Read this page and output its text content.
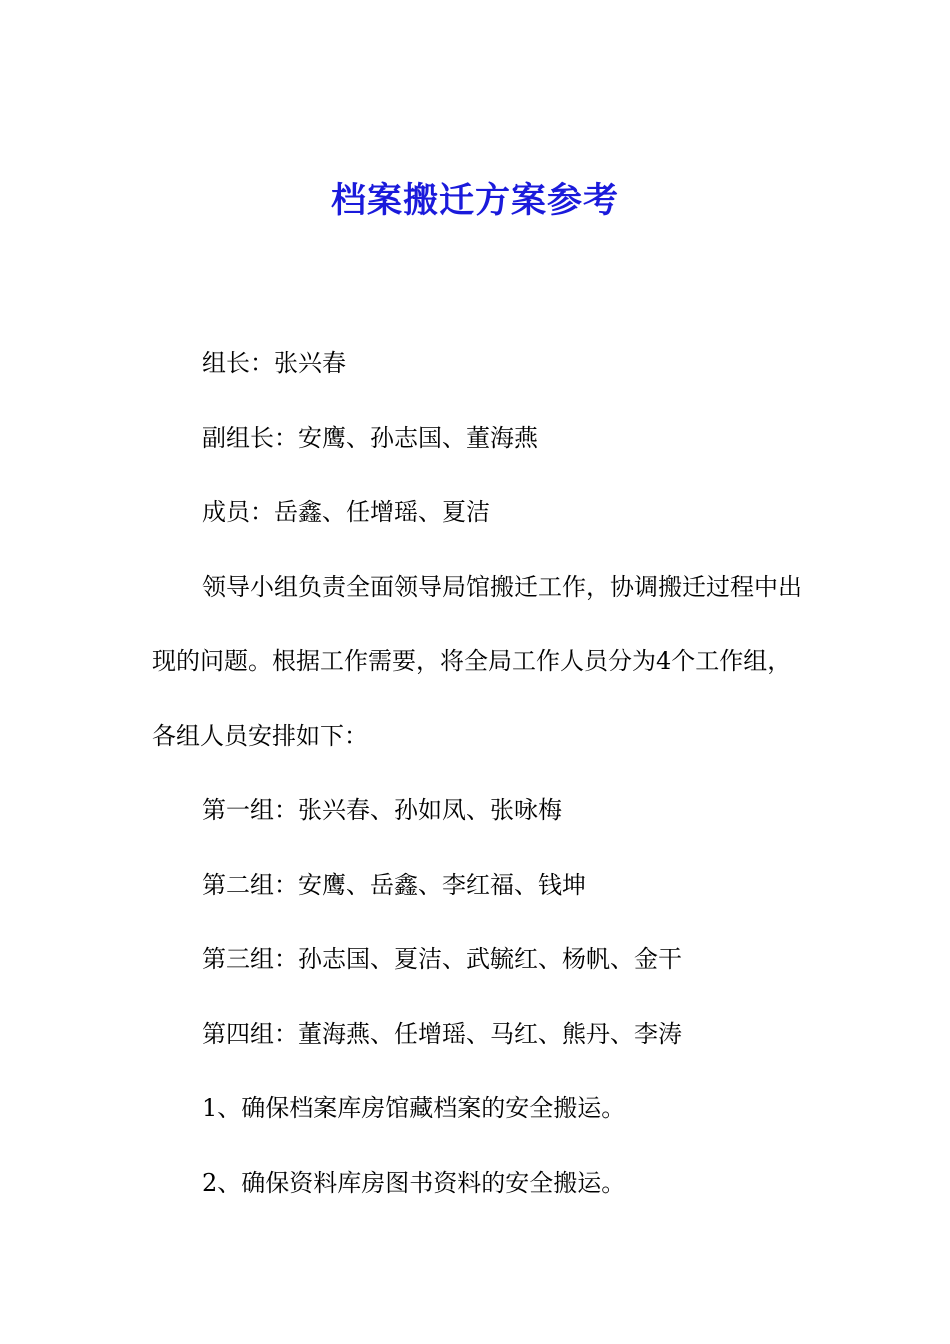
档案搬迁方案参考

组长：张兴春

副组长：安鹰、孙志国、董海燕

成员：岳鑫、任增瑶、夏洁

领导小组负责全面领导局馆搬迁工作，协调搬迁过程中出现的问题。根据工作需要，将全局工作人员分为4个工作组，各组人员安排如下：

第一组：张兴春、孙如凤、张咏梅

第二组：安鹰、岳鑫、李红福、钱坤

第三组：孙志国、夏洁、武毓红、杨帆、金干

第四组：董海燕、任增瑶、马红、熊丹、李涛

1、确保档案库房馆藏档案的安全搬运。

2、确保资料库房图书资料的安全搬运。
